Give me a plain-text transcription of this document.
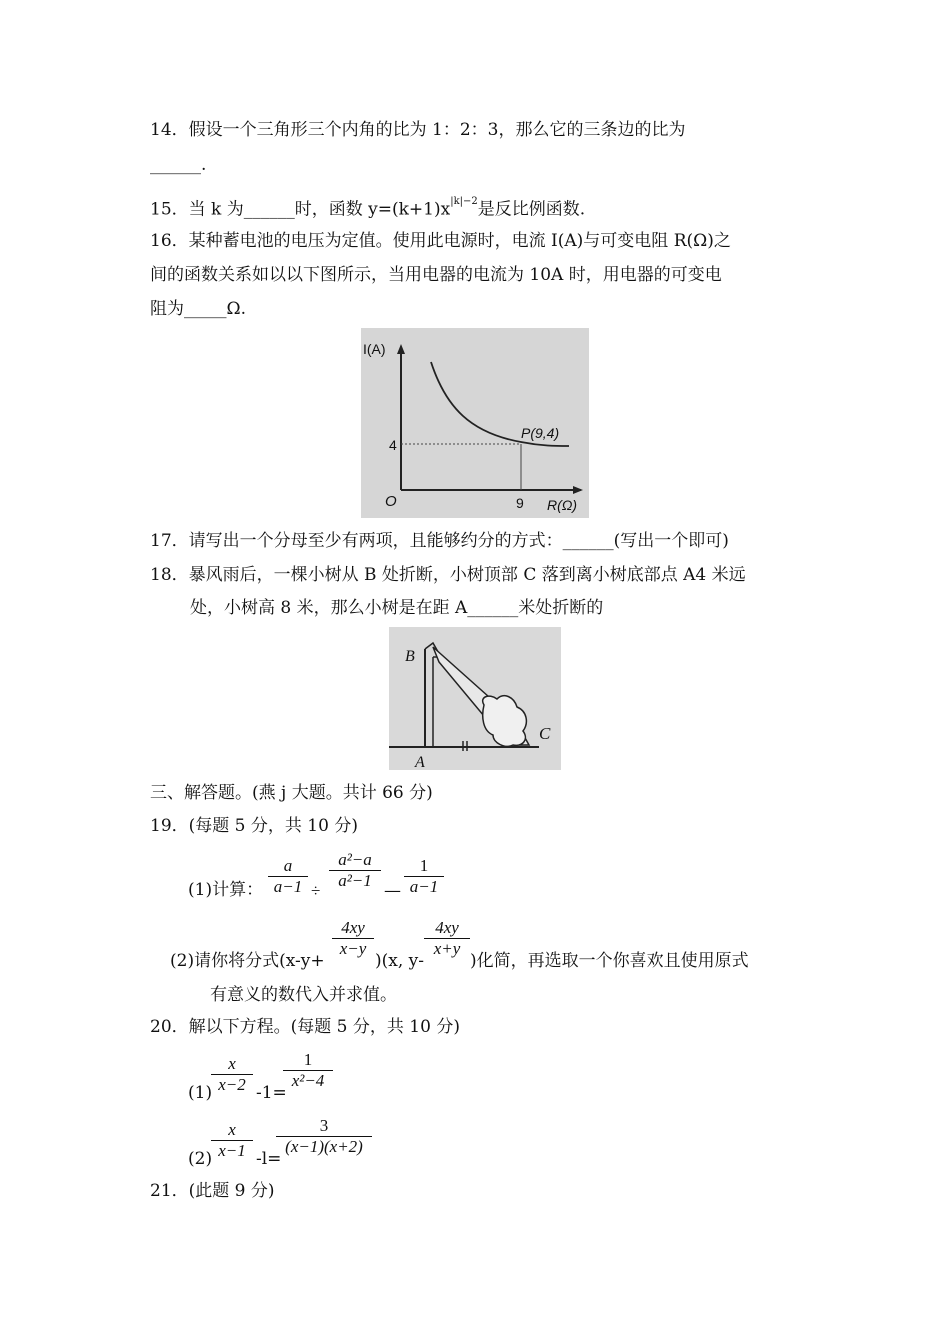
14．假设一个三角形三个内角的比为 1：2：3，那么它的三条边的比为
______.
15．当 k 为______时，函数 $y=(k+1)x^{|k|-2}$是反比例函数.
16．某种蓄电池的电压为定值。使用此电源时，电流 I(A)与可变电阻 R(Ω)之
间的函数关系如以以下图所示，当用电器的电流为 10A 时，用电器的可变电
阻为_____Ω.
I(A)
R(Ω)
O
4
9
P(9,4)
17．请写出一个分母至少有两项，且能够约分的方式：______(写出一个即可)
18．暴风雨后，一棵小树从 B 处折断，小树顶部 C 落到离小树底部点 A4 米远
处，小树高 8 米，那么小树是在距 A______米处折断的
B
A
C
三、解答题。(燕 j 大题。共计 66 分)
19．(每题 5 分，共 10 分)
(1)计算：
a
a−1 ÷
a²−a
a²−1
—
1
a−1
(2)请你将分式(x-y+
4xy
x−y
)(x, y-
4xy
x+y
)化简，再选取一个你喜欢且使用原式
有意义的数代入并求值。
20．解以下方程。(每题 5 分，共 10 分)
(1)
x
x−2 -1=
1
x²−4
(2)
x
x−1 -l=
3
(x−1)(x+2)
21．(此题 9 分)
